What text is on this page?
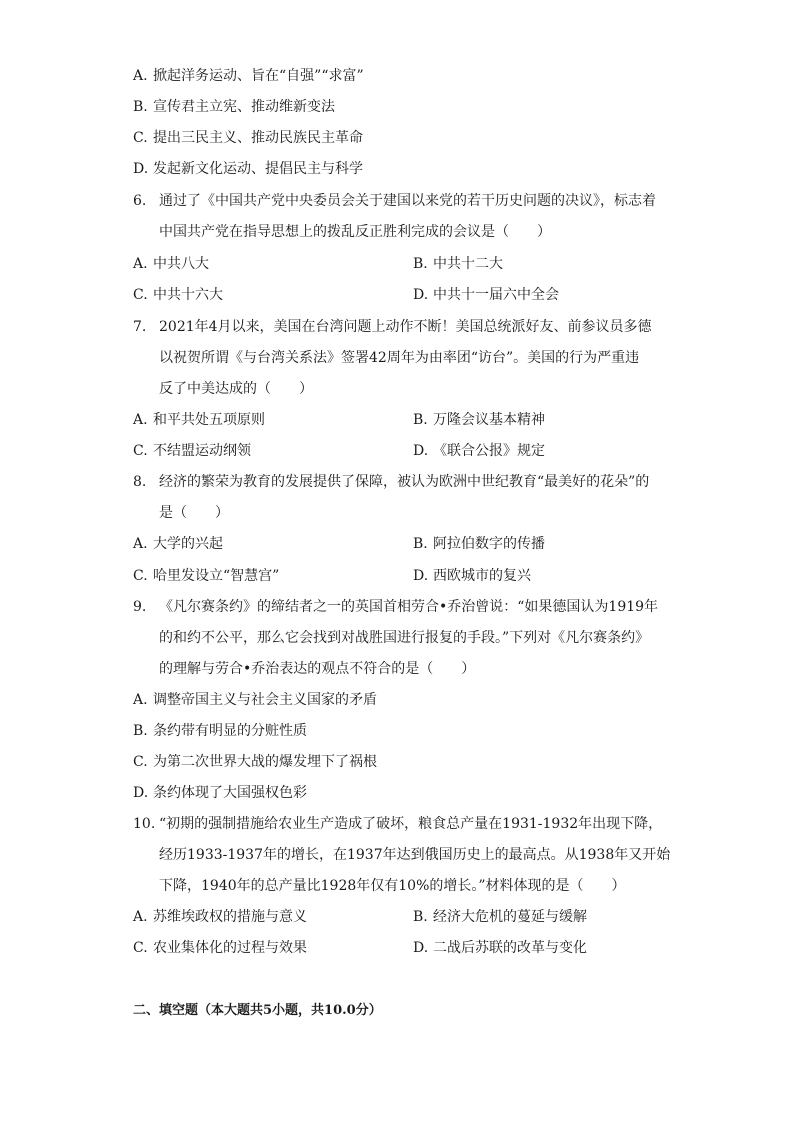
A. 掀起洋务运动、旨在“自强”“求富”
B. 宣传君主立宪、推动维新变法
C. 提出三民主义、推动民族民主革命
D. 发起新文化运动、提倡民主与科学
6. 通过了《中国共产党中央委员会关于建国以来党的若干历史问题的决议》，标志着
中国共产党在指导思想上的拨乱反正胜利完成的会议是（　　）
A. 中共八大	B. 中共十二大
C. 中共十六大	D. 中共十一届六中全会
7. 2021年4月以来，美国在台湾问题上动作不断！美国总统派好友、前参议员多德
以祝贺所谓《与台湾关系法》签署42周年为由率团“访台”。美国的行为严重违
反了中美达成的（　　）
A. 和平共处五项原则	B. 万隆会议基本精神
C. 不结盟运动纲领	D. 《联合公报》规定
8. 经济的繁荣为教育的发展提供了保障，被认为欧洲中世纪教育“最美好的花朵”的
是（　　）
A. 大学的兴起	B. 阿拉伯数字的传播
C. 哈里发设立“智慧宫”	D. 西欧城市的复兴
9. 《凡尔赛条约》的缔结者之一的英国首相劳合•乔治曾说：“如果德国认为1919年
的和约不公平，那么它会找到对战胜国进行报复的手段。”下列对《凡尔赛条约》
的理解与劳合•乔治表达的观点不符合的是（　　）
A. 调整帝国主义与社会主义国家的矛盾
B. 条约带有明显的分赃性质
C. 为第二次世界大战的爆发埋下了祸根
D. 条约体现了大国强权色彩
10. “初期的强制措施给农业生产造成了破坏，粮食总产量在1931-1932年出现下降，
经历1933-1937年的增长，在1937年达到俄国历史上的最高点。从1938年又开始
下降，1940年的总产量比1928年仅有10%的增长。”材料体现的是（　　）
A. 苏维埃政权的措施与意义	B. 经济大危机的蔓延与缓解
C. 农业集体化的过程与效果	D. 二战后苏联的改革与变化
二、填空题（本大题共5小题，共10.0分）
